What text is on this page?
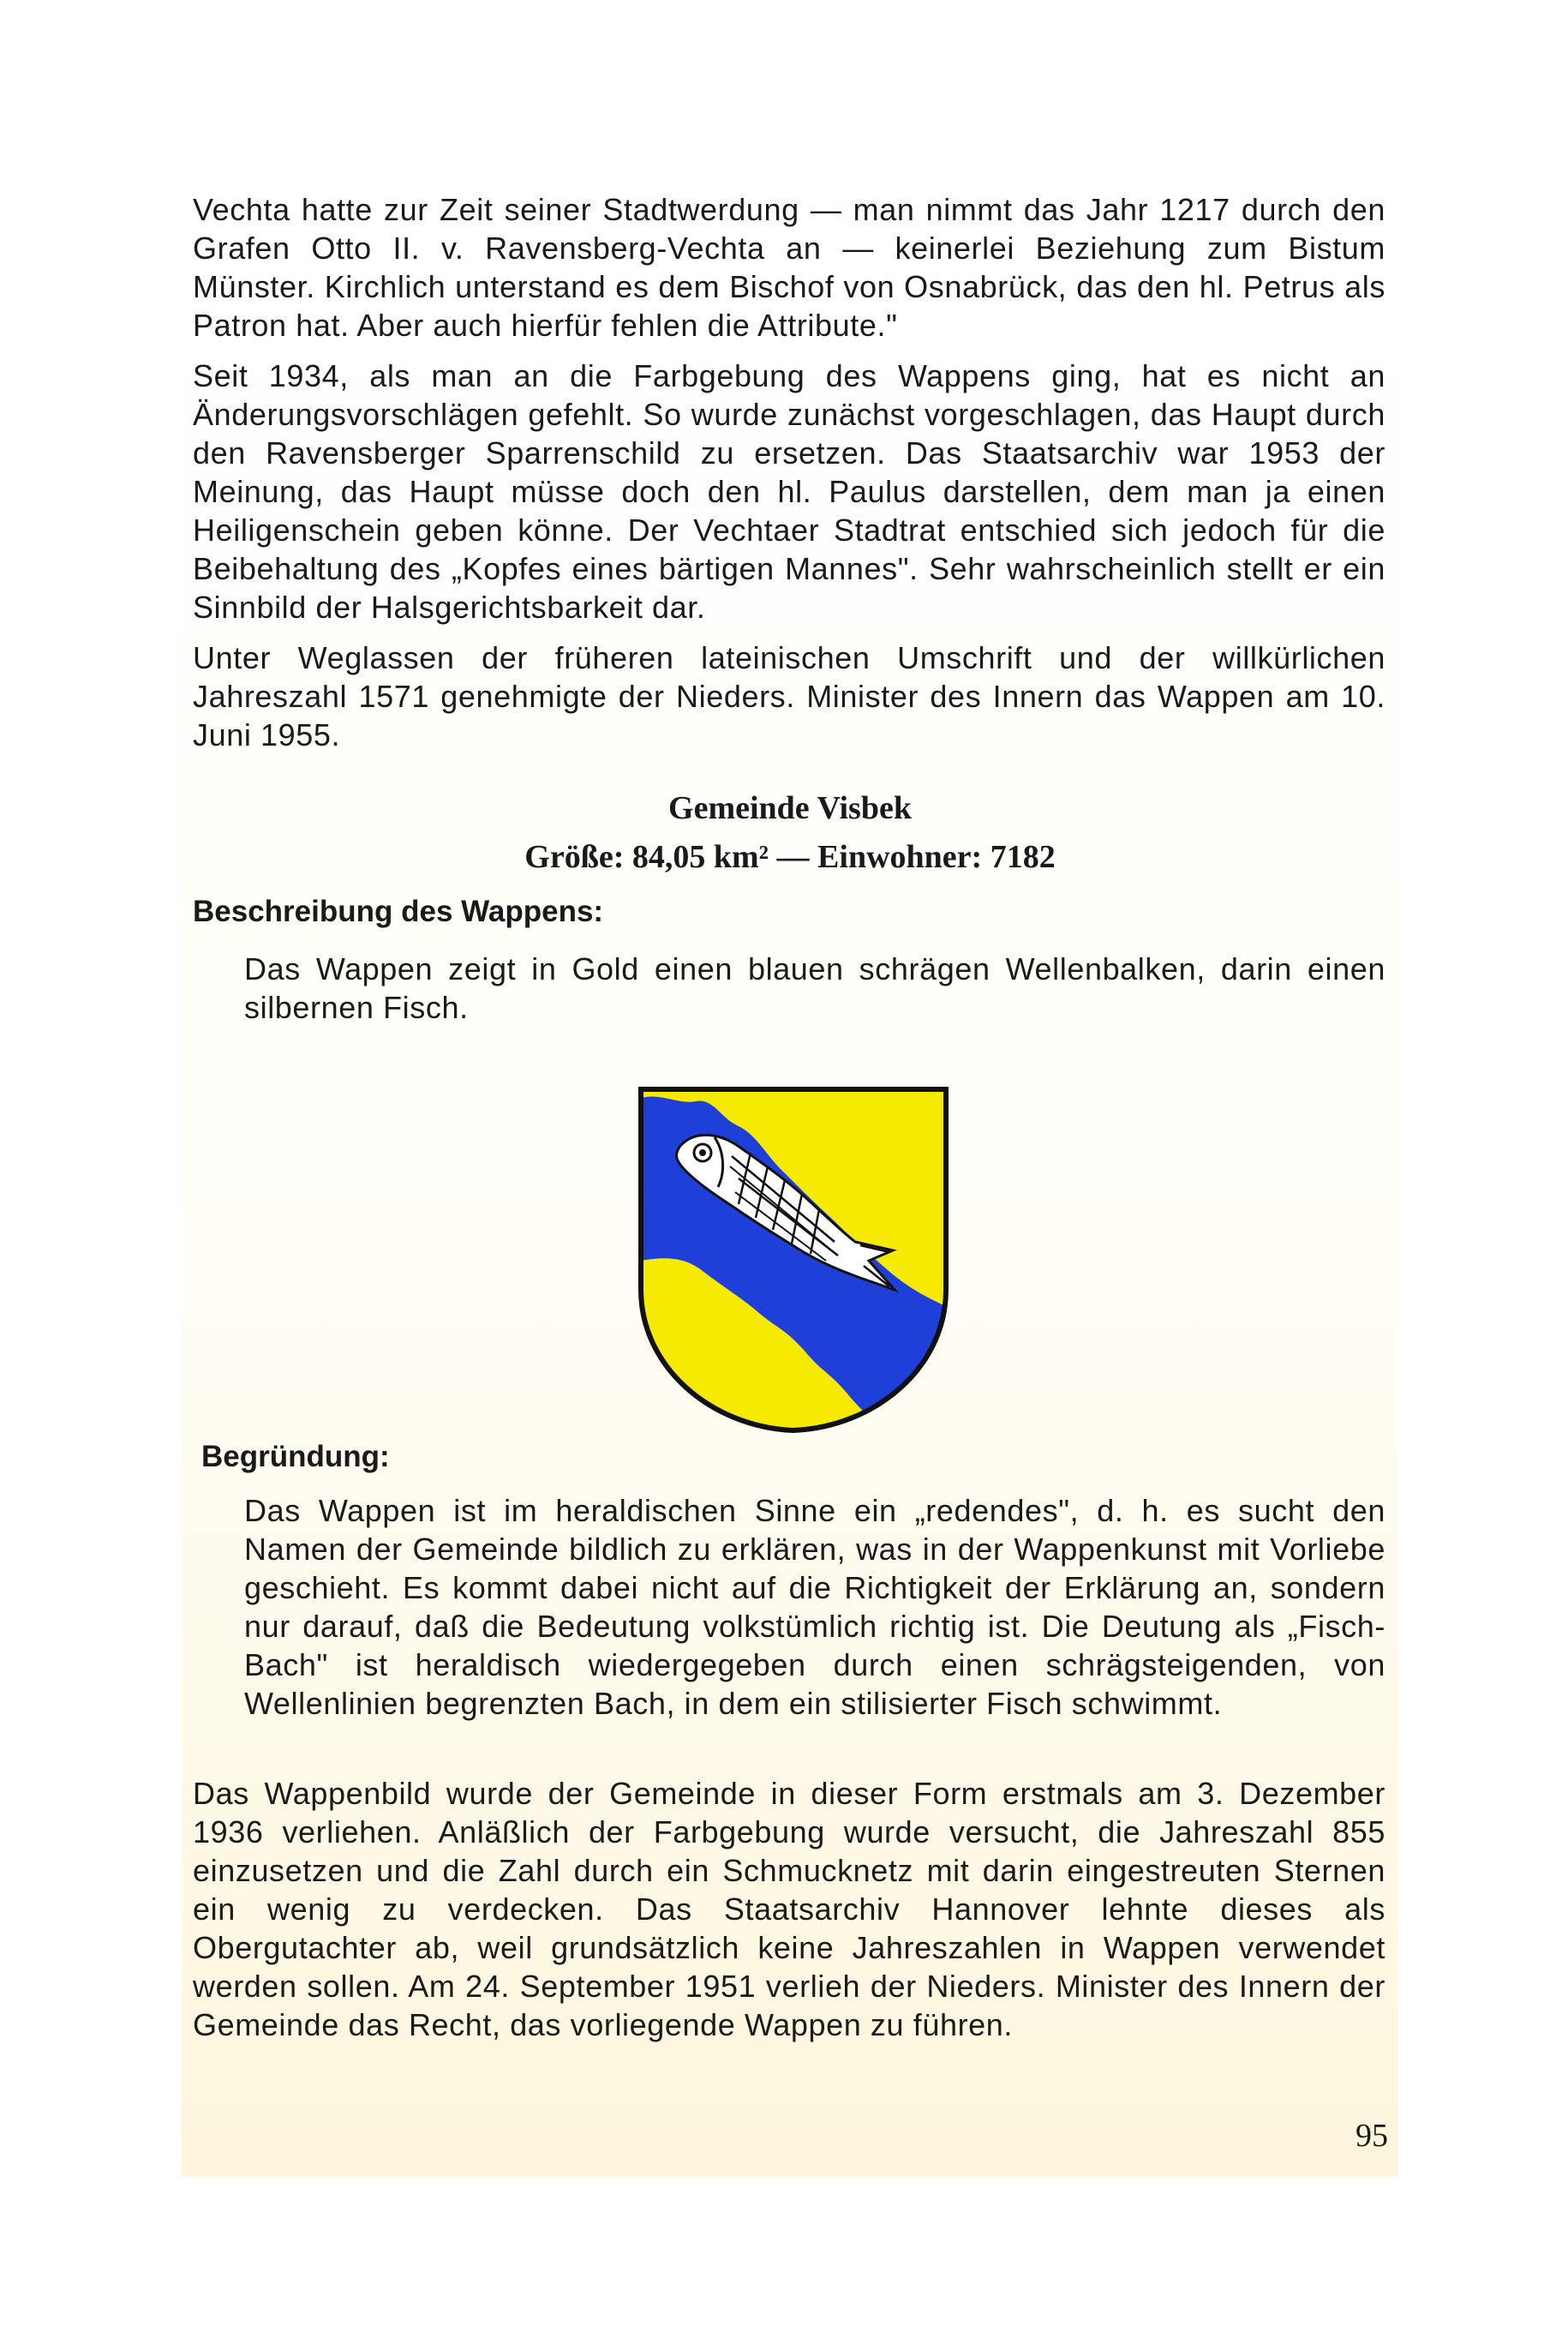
Vechta hatte zur Zeit seiner Stadtwerdung — man nimmt das Jahr 1217 durch den Grafen Otto II. v. Ravensberg-Vechta an — keinerlei Beziehung zum Bistum Münster. Kirchlich unterstand es dem Bischof von Osnabrück, das den hl. Petrus als Patron hat. Aber auch hierfür fehlen die Attribute."

Seit 1934, als man an die Farbgebung des Wappens ging, hat es nicht an Änderungsvorschlägen gefehlt. So wurde zunächst vorgeschlagen, das Haupt durch den Ravensberger Sparrenschild zu ersetzen. Das Staatsarchiv war 1953 der Meinung, das Haupt müsse doch den hl. Paulus darstellen, dem man ja einen Heiligenschein geben könne. Der Vechtaer Stadtrat entschied sich jedoch für die Beibehaltung des „Kopfes eines bärtigen Mannes". Sehr wahrscheinlich stellt er ein Sinnbild der Halsgerichtsbarkeit dar.

Unter Weglassen der früheren lateinischen Umschrift und der willkürlichen Jahreszahl 1571 genehmigte der Nieders. Minister des Innern das Wappen am 10. Juni 1955.

Gemeinde Visbek
Größe: 84,05 km² — Einwohner: 7182
Beschreibung des Wappens:
Das Wappen zeigt in Gold einen blauen schrägen Wellenbalken, darin einen silbernen Fisch.
Begründung:
Das Wappen ist im heraldischen Sinne ein „redendes", d. h. es sucht den Namen der Gemeinde bildlich zu erklären, was in der Wappenkunst mit Vorliebe geschieht. Es kommt dabei nicht auf die Richtigkeit der Erklärung an, sondern nur darauf, daß die Bedeutung volkstümlich richtig ist. Die Deutung als „Fisch-Bach" ist heraldisch wiedergegeben durch einen schrägsteigenden, von Wellenlinien begrenzten Bach, in dem ein stilisierter Fisch schwimmt.

Das Wappenbild wurde der Gemeinde in dieser Form erstmals am 3. Dezember 1936 verliehen. Anläßlich der Farbgebung wurde versucht, die Jahreszahl 855 einzusetzen und die Zahl durch ein Schmucknetz mit darin eingestreuten Sternen ein wenig zu verdecken. Das Staatsarchiv Hannover lehnte dieses als Obergutachter ab, weil grundsätzlich keine Jahreszahlen in Wappen verwendet werden sollen. Am 24. September 1951 verlieh der Nieders. Minister des Innern der Gemeinde das Recht, das vorliegende Wappen zu führen.

95
